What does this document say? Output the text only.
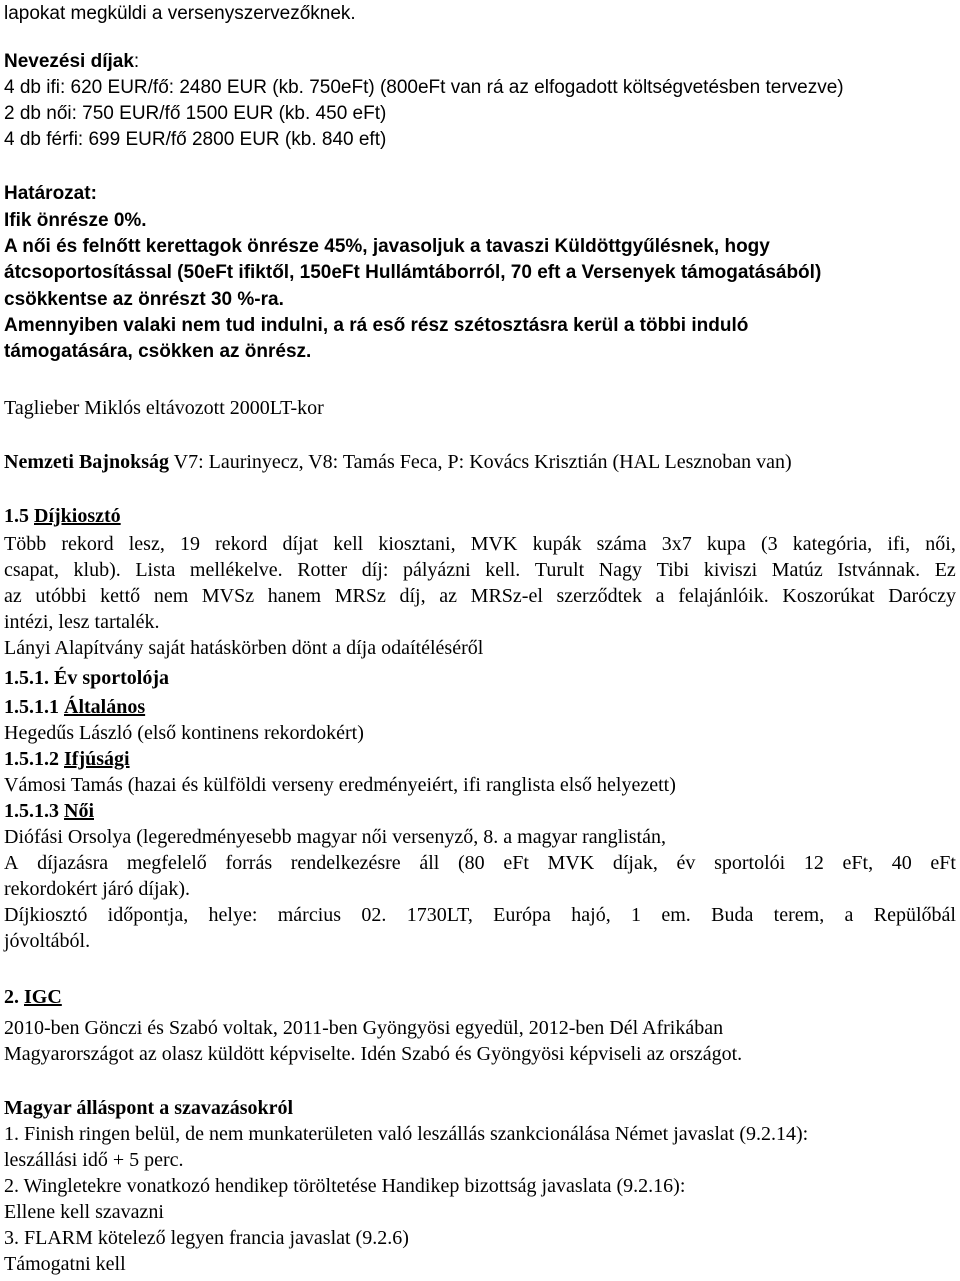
lapokat megküldi a versenyszervezőknek.
Nevezési díjak:
4 db ifi: 620 EUR/fő: 2480 EUR (kb. 750eFt) (800eFt van rá az elfogadott költségvetésben tervezve)
2 db női: 750 EUR/fő 1500 EUR (kb. 450 eFt)
4 db férfi: 699 EUR/fő 2800 EUR (kb. 840 eft)
Határozat:
Ifik önrésze 0%.
A női és felnőtt kerettagok önrésze 45%, javasoljuk a tavaszi Küldöttgyűlésnek, hogy
átcsoportosítással (50eFt ifiktől, 150eFt Hullámtáborról, 70 eft a Versenyek támogatásából)
csökkentse az önrészt 30 %-ra.
Amennyiben valaki nem tud indulni, a rá eső rész szétosztásra kerül a többi induló
támogatására, csökken az önrész.
Taglieber Miklós eltávozott 2000LT-kor
Nemzeti Bajnokság V7: Laurinyecz, V8: Tamás Feca, P: Kovács Krisztián (HAL Lesznoban van)
1.5 Díjkiosztó
Több rekord lesz, 19 rekord díjat kell kiosztani, MVK kupák száma 3x7 kupa (3 kategória, ifi, női,
csapat, klub). Lista mellékelve. Rotter díj: pályázni kell. Turult Nagy Tibi kiviszi Matúz Istvánnak. Ez
az utóbbi kettő nem MVSz hanem MRSz díj, az MRSz-el szerződtek a felajánlóik. Koszorúkat Daróczy
intézi, lesz tartalék.
Lányi Alapítvány saját hatáskörben dönt a díja odaítéléséről
1.5.1. Év sportolója
1.5.1.1 Általános
Hegedűs László (első kontinens rekordokért)
1.5.1.2 Ifjúsági
Vámosi Tamás (hazai és külföldi verseny eredményeiért, ifi ranglista első helyezett)
1.5.1.3 Női
Diófási Orsolya (legeredményesebb magyar női versenyző, 8. a magyar ranglistán,
A díjazásra megfelelő forrás rendelkezésre áll (80 eFt MVK díjak, év sportolói 12 eFt, 40 eFt
rekordokért járó díjak).
Díjkiosztó időpontja, helye: március 02. 1730LT, Európa hajó, 1 em. Buda terem, a Repülőbál
jóvoltából.
2. IGC
2010-ben Gönczi és Szabó voltak, 2011-ben Gyöngyösi egyedül, 2012-ben Dél Afrikában
Magyarországot az olasz küldött képviselte. Idén Szabó és Gyöngyösi képviseli az országot.
Magyar álláspont a szavazásokról
1. Finish ringen belül, de nem munkaterületen való leszállás szankcionálása Német javaslat (9.2.14):
leszállási idő + 5 perc.
2. Wingletekre vonatkozó hendikep töröltetése Handikep bizottság javaslata (9.2.16):
Ellene kell szavazni
3. FLARM kötelező legyen francia javaslat (9.2.6)
Támogatni kell
